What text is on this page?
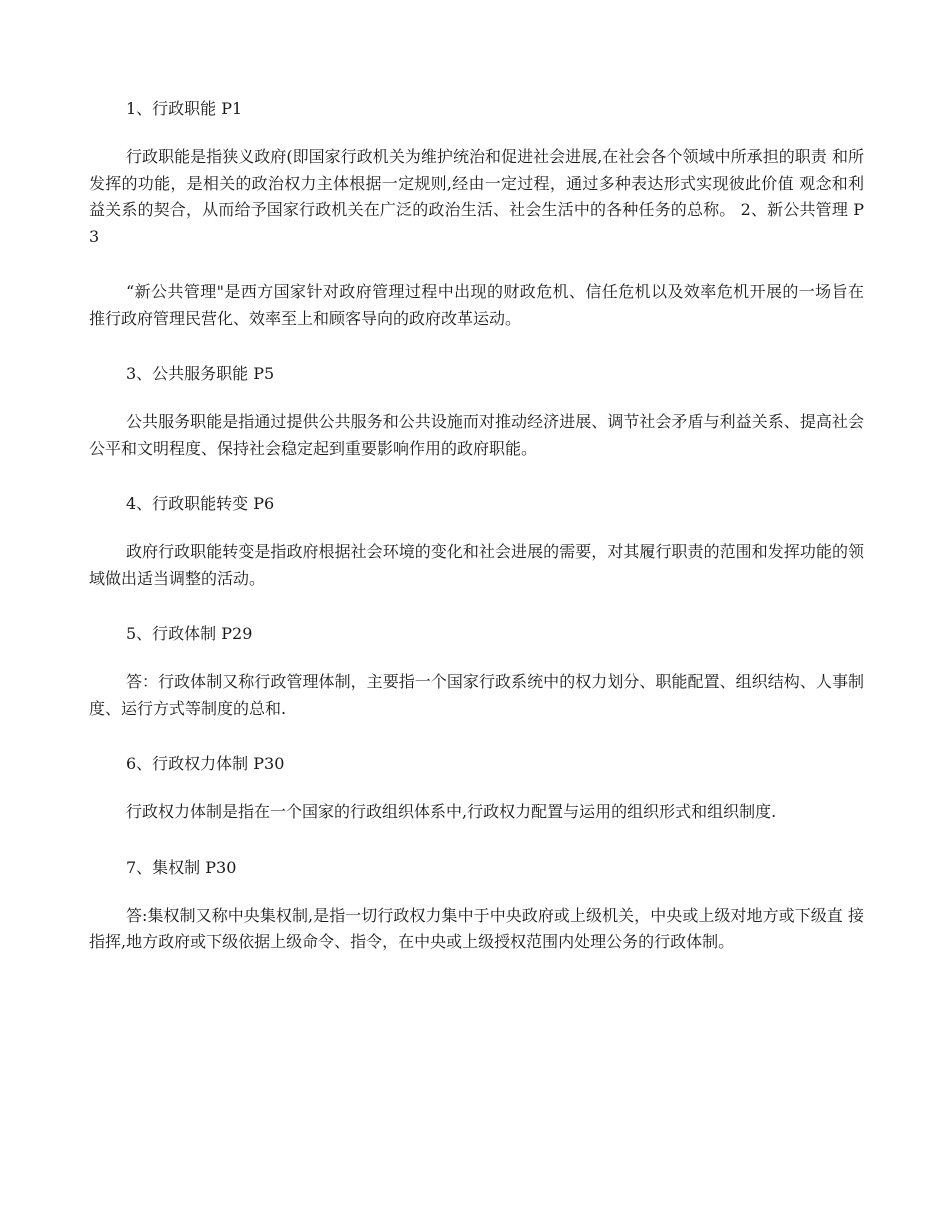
1、行政职能 P1
行政职能是指狭义政府(即国家行政机关为维护统治和促进社会进展,在社会各个领域中所承担的职责 和所发挥的功能，是相关的政治权力主体根据一定规则,经由一定过程，通过多种表达形式实现彼此价值 观念和利益关系的契合，从而给予国家行政机关在广泛的政治生活、社会生活中的各种任务的总称。 2、新公共管理 P3
“新公共管理"是西方国家针对政府管理过程中出现的财政危机、信任危机以及效率危机开展的一场旨在 推行政府管理民营化、效率至上和顾客导向的政府改革运动。
3、公共服务职能 P5
公共服务职能是指通过提供公共服务和公共设施而对推动经济进展、调节社会矛盾与利益关系、提高社会 公平和文明程度、保持社会稳定起到重要影响作用的政府职能。
4、行政职能转变 P6
政府行政职能转变是指政府根据社会环境的变化和社会进展的需要，对其履行职责的范围和发挥功能的领 域做出适当调整的活动。
5、行政体制 P29
答：行政体制又称行政管理体制，主要指一个国家行政系统中的权力划分、职能配置、组织结构、人事制 度、运行方式等制度的总和.
6、行政权力体制 P30
行政权力体制是指在一个国家的行政组织体系中,行政权力配置与运用的组织形式和组织制度.
7、集权制 P30
答:集权制又称中央集权制,是指一切行政权力集中于中央政府或上级机关，中央或上级对地方或下级直 接指挥,地方政府或下级依据上级命令、指令，在中央或上级授权范围内处理公务的行政体制。
